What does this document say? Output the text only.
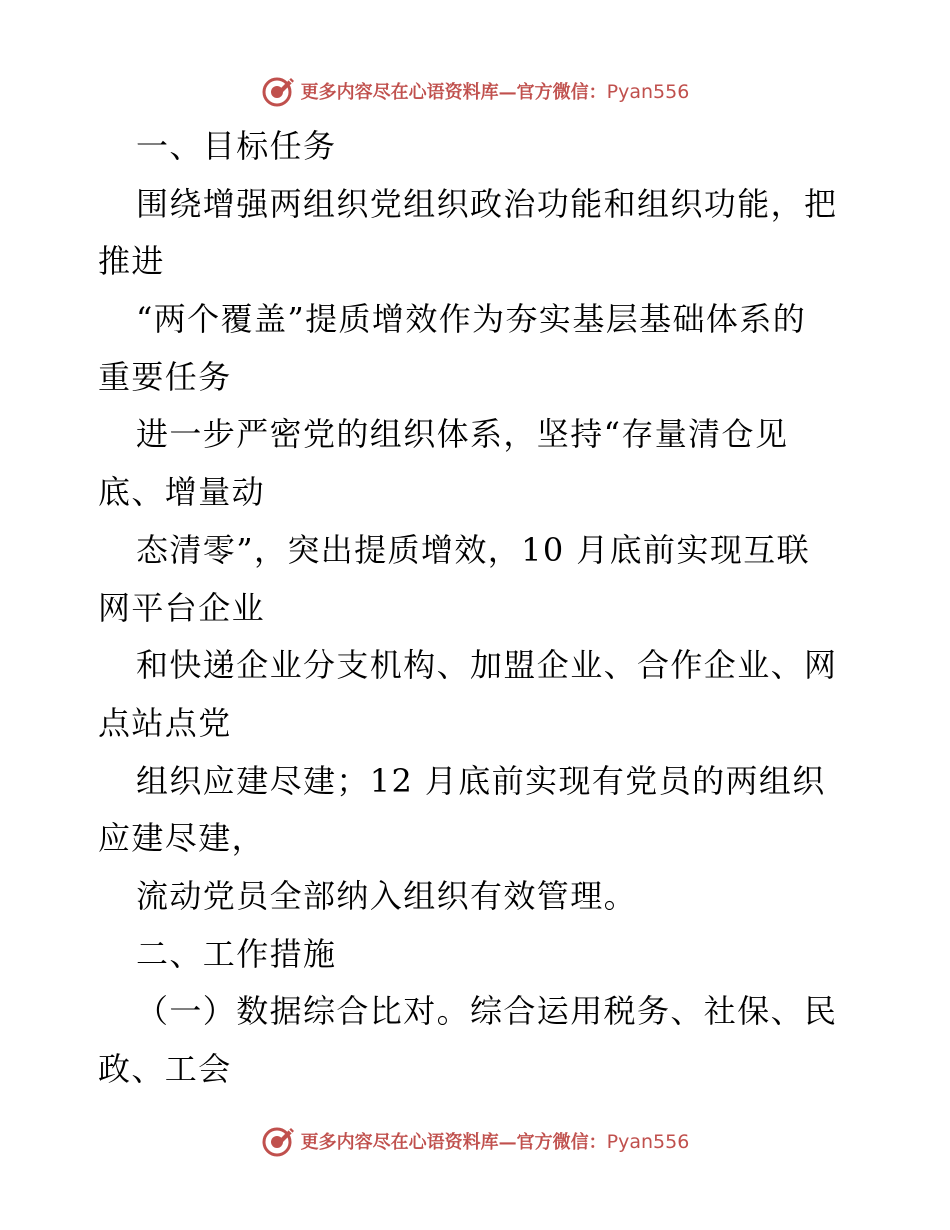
更多内容尽在心语资料库—官方微信：Pyan556
一、目标任务
围绕增强两组织党组织政治功能和组织功能，把
推进
“两个覆盖”提质增效作为夯实基层基础体系的
重要任务
进一步严密党的组织体系，坚持“存量清仓见
底、增量动
态清零”，突出提质增效，10 月底前实现互联
网平台企业
和快递企业分支机构、加盟企业、合作企业、网
点站点党
组织应建尽建；12 月底前实现有党员的两组织
应建尽建，
流动党员全部纳入组织有效管理。
二、工作措施
（一）数据综合比对。综合运用税务、社保、民
政、工会
更多内容尽在心语资料库—官方微信：Pyan556
